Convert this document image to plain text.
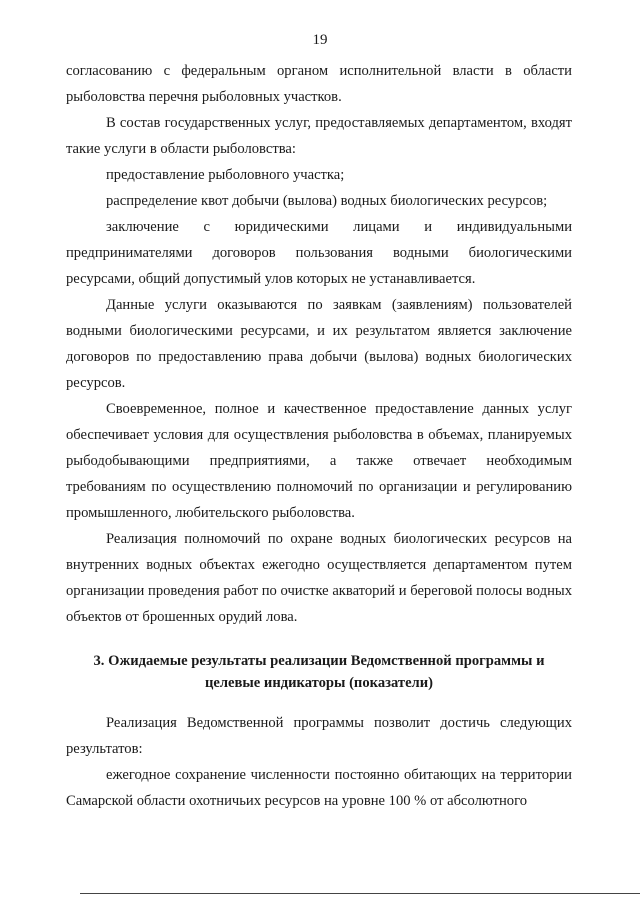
19

согласованию с федеральным органом исполнительной власти в области рыболовства перечня рыболовных участков.

В состав государственных услуг, предоставляемых департаментом, входят такие услуги в области рыболовства:

предоставление рыболовного участка;

распределение квот добычи (вылова) водных биологических ресурсов;

заключение с юридическими лицами и индивидуальными предпринимателями договоров пользования водными биологическими ресурсами, общий допустимый улов которых не устанавливается.

Данные услуги оказываются по заявкам (заявлениям) пользователей водными биологическими ресурсами, и их результатом является заключение договоров по предоставлению права добычи (вылова) водных биологических ресурсов.

Своевременное, полное и качественное предоставление данных услуг обеспечивает условия для осуществления рыболовства в объемах, планируемых рыбодобывающими предприятиями, а также отвечает необходимым требованиям по осуществлению полномочий по организации и регулированию промышленного, любительского рыболовства.

Реализация полномочий по охране водных биологических ресурсов на внутренних водных объектах ежегодно осуществляется департаментом путем организации проведения работ по очистке акваторий и береговой полосы водных объектов от брошенных орудий лова.

3. Ожидаемые результаты реализации Ведомственной программы и

целевые индикаторы (показатели)

Реализация Ведомственной программы позволит достичь следующих результатов:

ежегодное сохранение численности постоянно обитающих на территории Самарской области охотничьих ресурсов на уровне 100 % от абсолютного
